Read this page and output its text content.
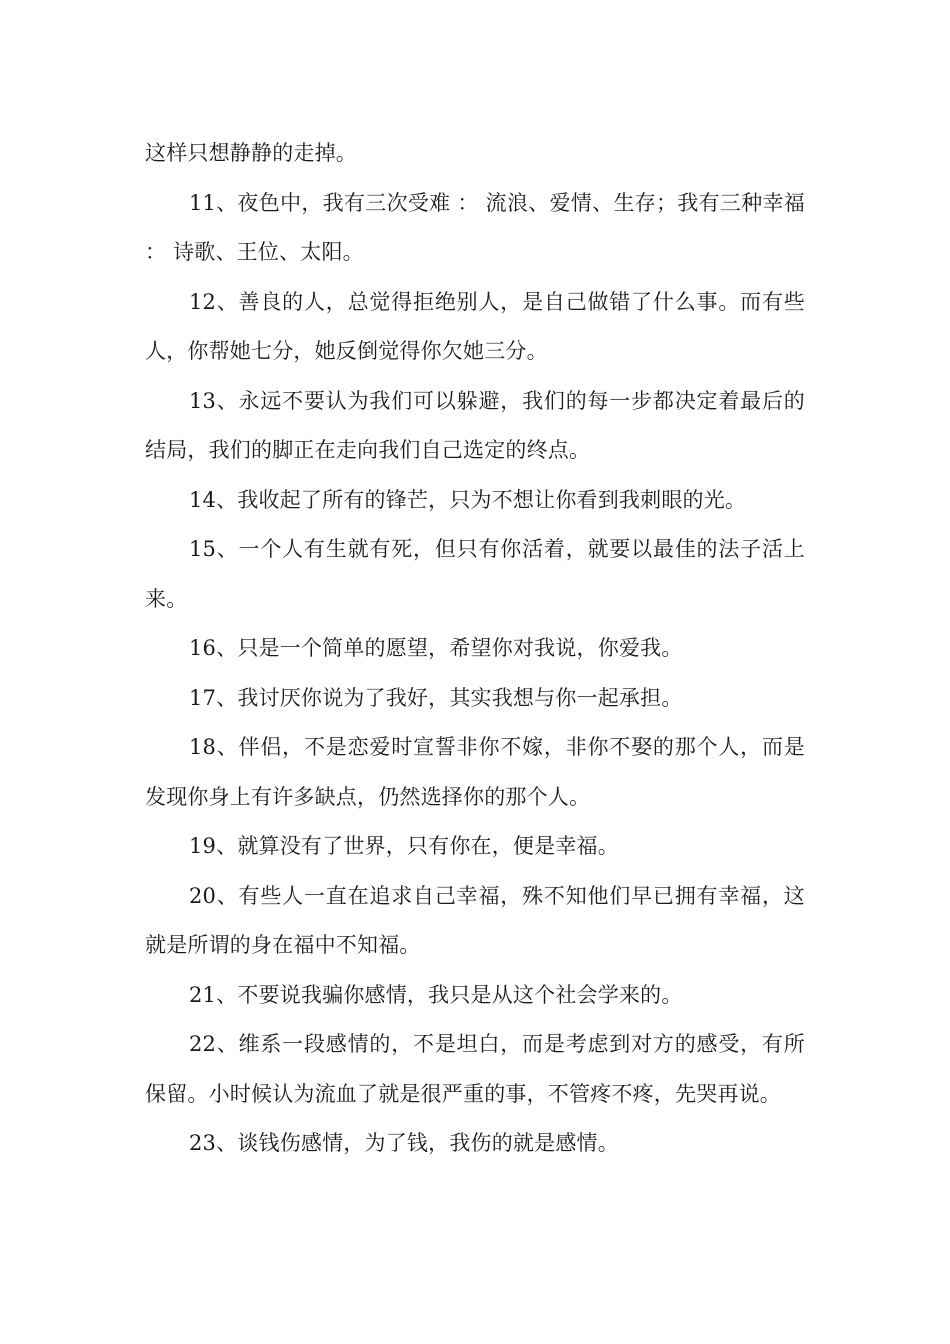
这样只想静静的走掉。

11、夜色中，我有三次受难 ： 流浪、爱情、生存；我有三种幸福 ： 诗歌、王位、太阳。

12、善良的人，总觉得拒绝别人，是自己做错了什么事。而有些人，你帮她七分，她反倒觉得你欠她三分。

13、永远不要认为我们可以躲避，我们的每一步都决定着最后的结局，我们的脚正在走向我们自己选定的终点。

14、我收起了所有的锋芒，只为不想让你看到我刺眼的光。

15、一个人有生就有死，但只有你活着，就要以最佳的法子活上来。

16、只是一个简单的愿望，希望你对我说，你爱我。

17、我讨厌你说为了我好，其实我想与你一起承担。

18、伴侣，不是恋爱时宣誓非你不嫁，非你不娶的那个人，而是发现你身上有许多缺点，仍然选择你的那个人。

19、就算没有了世界，只有你在，便是幸福。

20、有些人一直在追求自己幸福，殊不知他们早已拥有幸福，这就是所谓的身在福中不知福。

21、不要说我骗你感情，我只是从这个社会学来的。

22、维系一段感情的，不是坦白，而是考虑到对方的感受，有所保留。小时候认为流血了就是很严重的事，不管疼不疼，先哭再说。

23、谈钱伤感情，为了钱，我伤的就是感情。
